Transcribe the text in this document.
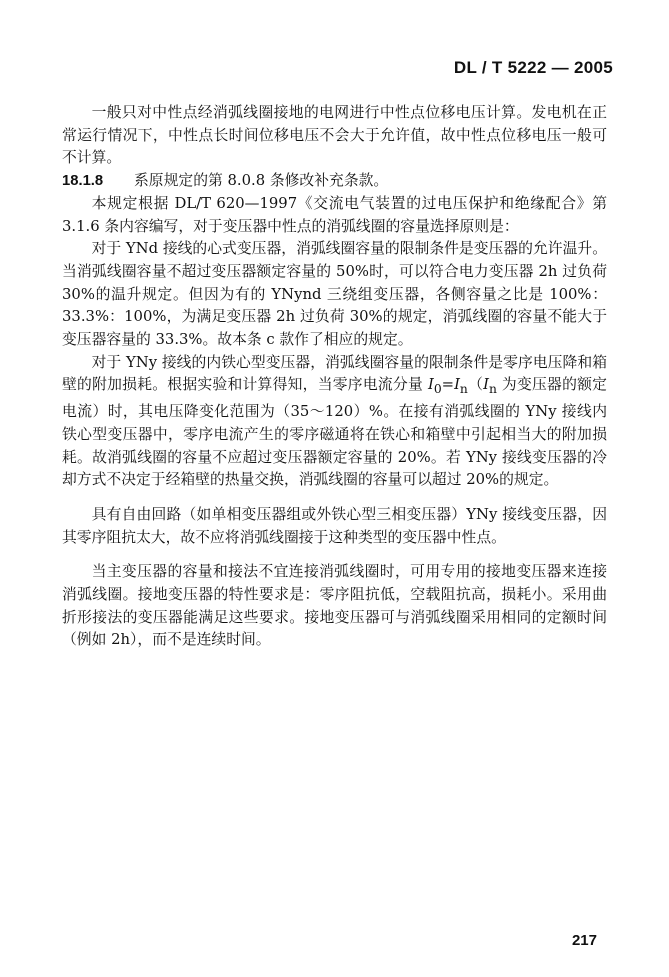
DL / T 5222 — 2005

一般只对中性点经消弧线圈接地的电网进行中性点位移电压计算。发电机在正常运行情况下，中性点长时间位移电压不会大于允许值，故中性点位移电压一般可不计算。

18.1.8	系原规定的第 8.0.8 条修改补充条款。

本规定根据 DL/T 620—1997《交流电气装置的过电压保护和绝缘配合》第 3.1.6 条内容编写，对于变压器中性点的消弧线圈的容量选择原则是：

对于 YNd 接线的心式变压器，消弧线圈容量的限制条件是变压器的允许温升。当消弧线圈容量不超过变压器额定容量的 50%时，可以符合电力变压器 2h 过负荷 30%的温升规定。但因为有的 YNynd 三绕组变压器，各侧容量之比是 100%：33.3%：100%，为满足变压器 2h 过负荷 30%的规定，消弧线圈的容量不能大于变压器容量的 33.3%。故本条 c 款作了相应的规定。

对于 YNy 接线的内铁心型变压器，消弧线圈容量的限制条件是零序电压降和箱壁的附加损耗。根据实验和计算得知，当零序电流分量 $I_0=I_n(I_n$ 为变压器的额定电流）时，其电压降变化范围为（35～120）%。在接有消弧线圈的 YNy 接线内铁心型变压器中，零序电流产生的零序磁通将在铁心和箱壁中引起相当大的附加损耗。故消弧线圈的容量不应超过变压器额定容量的 20%。若 YNy 接线变压器的冷却方式不决定于经箱壁的热量交换，消弧线圈的容量可以超过 20%的规定。

具有自由回路（如单相变压器组或外铁心型三相变压器）YNy 接线变压器，因其零序阻抗太大，故不应将消弧线圈接于这种类型的变压器中性点。

当主变压器的容量和接法不宜连接消弧线圈时，可用专用的接地变压器来连接消弧线圈。接地变压器的特性要求是：零序阻抗低，空载阻抗高，损耗小。采用曲折形接法的变压器能满足这些要求。接地变压器可与消弧线圈采用相同的定额时间（例如 2h），而不是连续时间。

217
